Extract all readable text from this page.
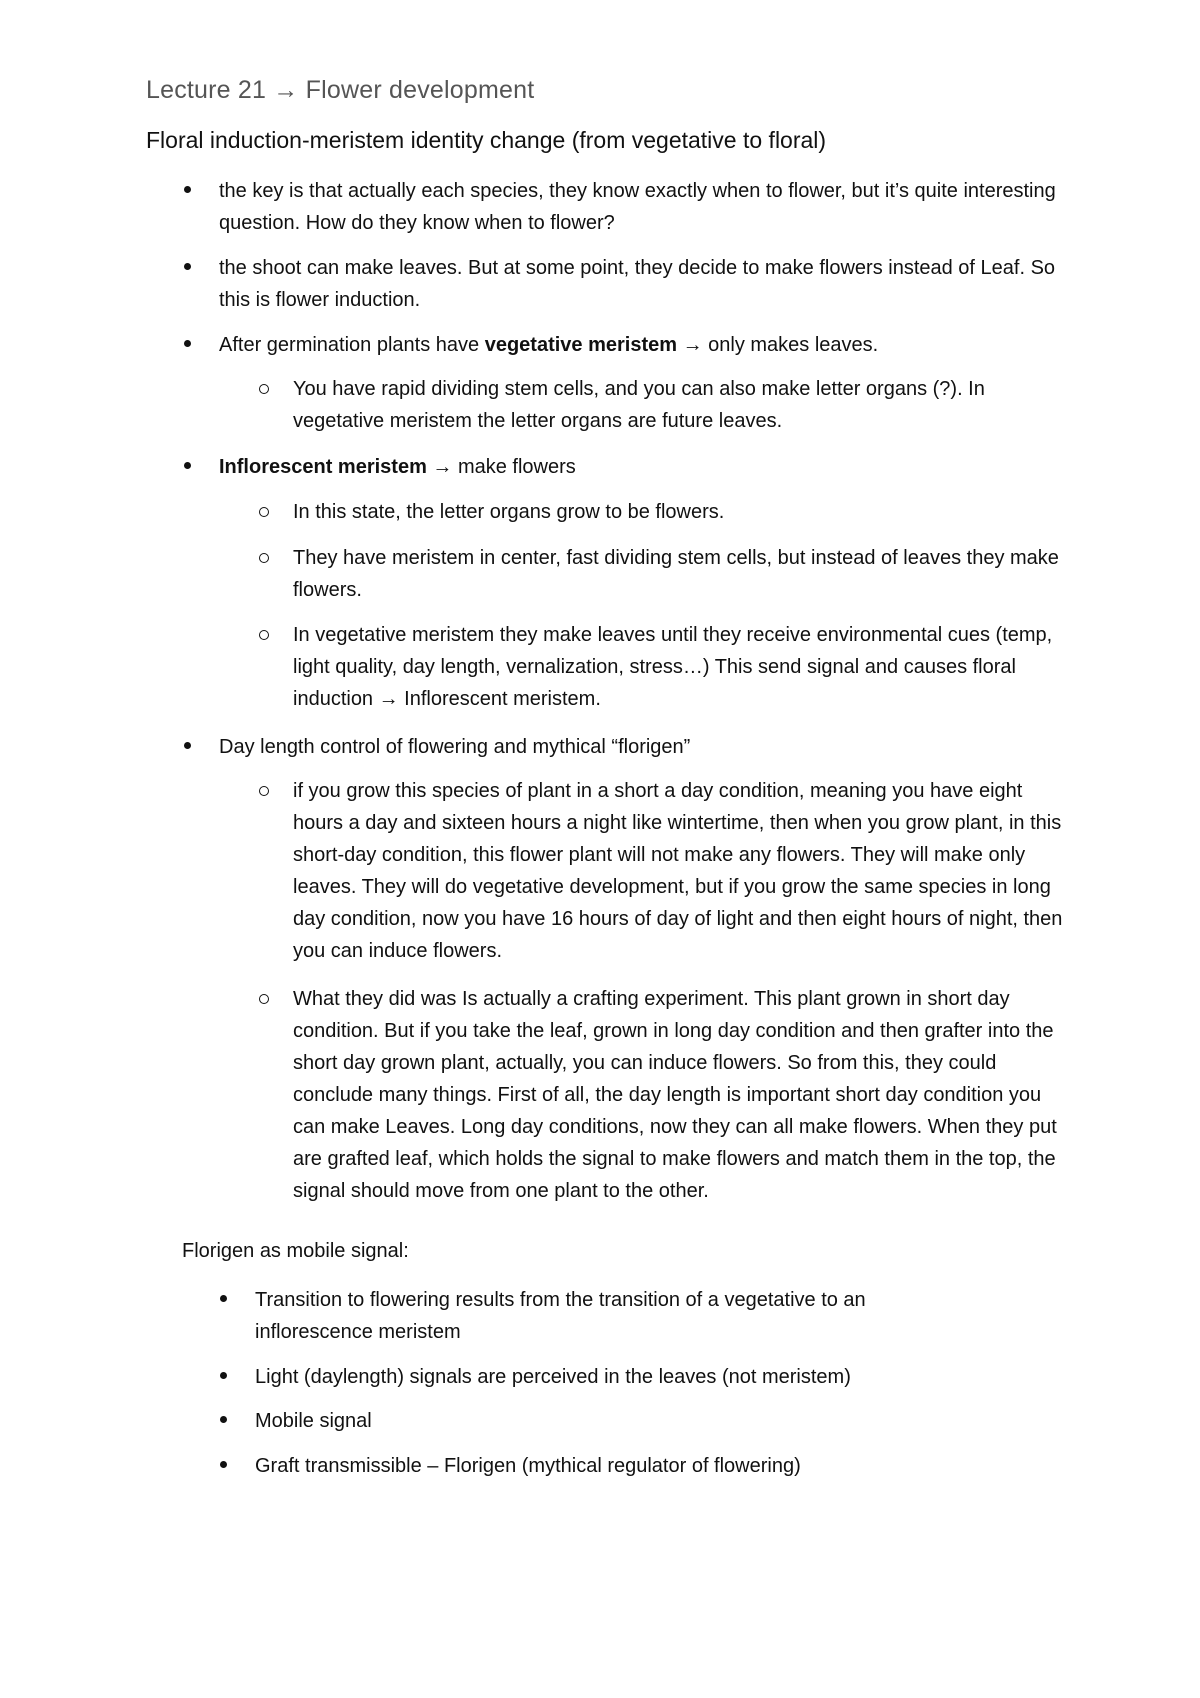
Lecture 21 → Flower development
Floral induction-meristem identity change (from vegetative to floral)
the key is that actually each species, they know exactly when to flower, but it’s quite interesting question. How do they know when to flower?
the shoot can make leaves. But at some point, they decide to make flowers instead of Leaf. So this is flower induction.
After germination plants have vegetative meristem → only makes leaves.
You have rapid dividing stem cells, and you can also make letter organs (?). In vegetative meristem the letter organs are future leaves.
Inflorescent meristem → make flowers
In this state, the letter organs grow to be flowers.
They have meristem in center, fast dividing stem cells, but instead of leaves they make flowers.
In vegetative meristem they make leaves until they receive environmental cues (temp, light quality, day length, vernalization, stress…) This send signal and causes floral induction → Inflorescent meristem.
Day length control of flowering and mythical “florigen”
if you grow this species of plant in a short a day condition, meaning you have eight hours a day and sixteen hours a night like wintertime, then when you grow plant, in this short-day condition, this flower plant will not make any flowers. They will make only leaves. They will do vegetative development, but if you grow the same species in long day condition, now you have 16 hours of day of light and then eight hours of night, then you can induce flowers.
What they did was Is actually a crafting experiment. This plant grown in short day condition. But if you take the leaf, grown in long day condition and then grafter into the short day grown plant, actually, you can induce flowers. So from this, they could conclude many things. First of all, the day length is important short day condition you can make Leaves. Long day conditions, now they can all make flowers. When they put are grafted leaf, which holds the signal to make flowers and match them in the top, the signal should move from one plant to the other.
Florigen as mobile signal:
Transition to flowering results from the transition of a vegetative to an inflorescence meristem
Light (daylength) signals are perceived in the leaves (not meristem)
Mobile signal
Graft transmissible – Florigen (mythical regulator of flowering)
